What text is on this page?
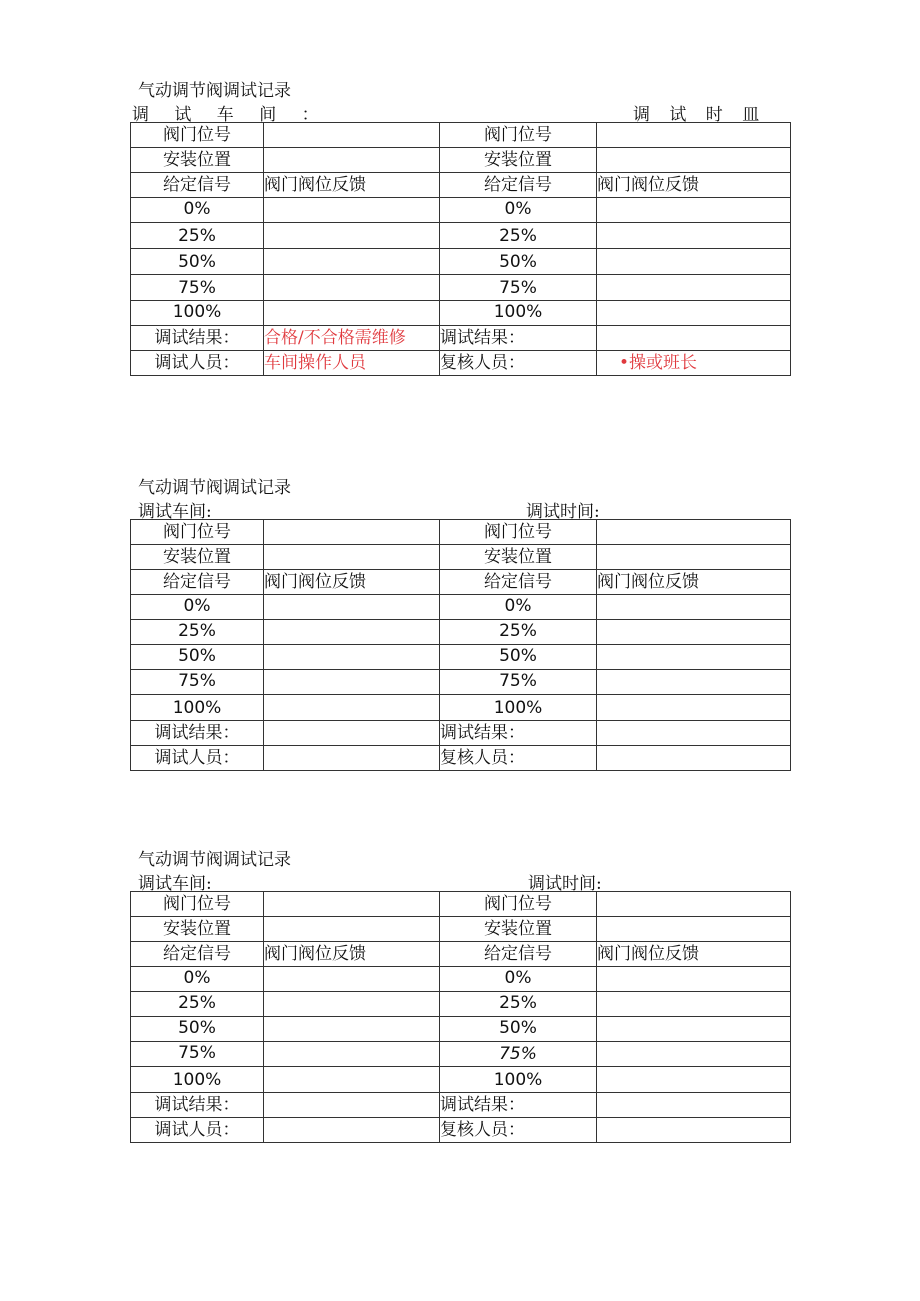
气动调节阀调试记录
调 试 车 间 ：	调 试 时 皿
阀门位号		阀门位号	
安装位置		安装位置	
给定信号	阀门阀位反馈	给定信号	阀门阀位反馈
0%		0%	
25%		25%	
50%		50%	
75%		75%	
100%		100%	
调试结果：	合格/不合格需维修	调试结果：	
调试人员：	车间操作人员	复核人员：	•操或班长
气动调节阀调试记录
调试车间:	调试时间:
阀门位号		阀门位号	
安装位置		安装位置	
给定信号	阀门阀位反馈	给定信号	阀门阀位反馈
0%		0%	
25%		25%	
50%		50%	
75%		75%	
100%		100%	
调试结果：		调试结果：	
调试人员：		复核人员：	
气动调节阀调试记录
调试车间:	调试时间:
阀门位号		阀门位号	
安装位置		安装位置	
给定信号	阀门阀位反馈	给定信号	阀门阀位反馈
0%		0%	
25%		25%	
50%		50%	
75%		75%	
100%		100%	
调试结果：		调试结果：	
调试人员：		复核人员：	
